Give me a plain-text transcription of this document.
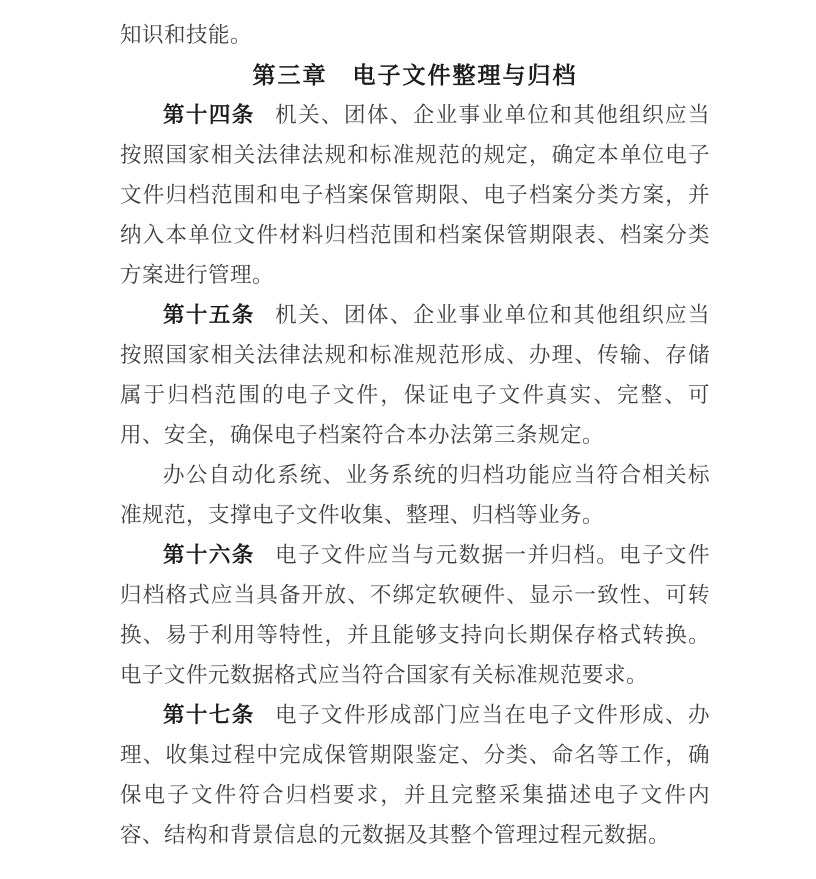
知识和技能。

第三章　电子文件整理与归档

第十四条 机关、团体、企业事业单位和其他组织应当按照国家相关法律法规和标准规范的规定，确定本单位电子文件归档范围和电子档案保管期限、电子档案分类方案，并纳入本单位文件材料归档范围和档案保管期限表、档案分类方案进行管理。

第十五条 机关、团体、企业事业单位和其他组织应当按照国家相关法律法规和标准规范形成、办理、传输、存储属于归档范围的电子文件，保证电子文件真实、完整、可用、安全，确保电子档案符合本办法第三条规定。

办公自动化系统、业务系统的归档功能应当符合相关标准规范，支撑电子文件收集、整理、归档等业务。

第十六条 电子文件应当与元数据一并归档。电子文件归档格式应当具备开放、不绑定软硬件、显示一致性、可转换、易于利用等特性，并且能够支持向长期保存格式转换。电子文件元数据格式应当符合国家有关标准规范要求。

第十七条 电子文件形成部门应当在电子文件形成、办理、收集过程中完成保管期限鉴定、分类、命名等工作，确保电子文件符合归档要求，并且完整采集描述电子文件内容、结构和背景信息的元数据及其整个管理过程元数据。
